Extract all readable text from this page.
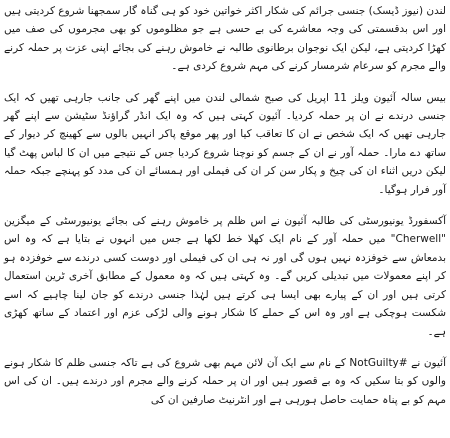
لندن (نیوز ڈیسک) جنسی جرائم کی شکار اکثر خواتین خود کو ہی گناہ گار سمجھنا شروع کردیتی ہیں اور اس بدقسمتی کی وجہ معاشرے کی بے حسی ہے جو مظلوموں کو بھی مجرموں کی صف میں کھڑا کردیتی ہے، لیکن ایک نوجوان برطانوی طالبہ نے خاموش رہنے کی بجائے اپنی عزت پر حملہ کرنے والے مجرم کو سرعام شرمسار کرنے کی مہم شروع کردی ہے۔

بیس سالہ آئیون ویلز 11 اپریل کی صبح شمالی لندن میں اپنے گھر کی جانب جارہی تھیں کہ ایک جنسی درندے نے ان پر حملہ کردیا۔ آئیون کہتی ہیں کہ وہ ایک انڈر گراؤنڈ سٹیشن سے اپنے گھر جارہی تھیں کہ ایک شخص نے ان کا تعاقب کیا اور پھر موقع پاکر انہیں بالوں سے کھینچ کر دیوار کے ساتھ دے مارا۔ حملہ آور نے ان کے جسم کو نوچنا شروع کردیا جس کے نتیجے میں ان کا لباس پھٹ گیا لیکن دریں اثناء ان کی چیخ و پکار سن کر ان کی فیملی اور ہمسائے ان کی مدد کو پہنچے جبکہ حملہ آور فرار ہوگیا۔

آکسفورڈ یونیورسٹی کی طالبہ آئیون نے اس ظلم پر خاموش رہنے کی بجائے یونیورسٹی کے میگزین "Cherwell" میں حملہ آور کے نام ایک کھلا خط لکھا ہے جس میں انہوں نے بتایا ہے کہ وہ اس بدمعاش سے خوفزدہ نہیں ہوں گی اور نہ ہی ان کی فیملی اور دوست کسی درندے سے خوفزدہ ہو کر اپنے معمولات میں تبدیلی کریں گے۔ وہ کہتی ہیں کہ وہ معمول کے مطابق آخری ٹرین استعمال کرتی ہیں اور ان کے پیارے بھی ایسا ہی کرتے ہیں لہٰذا جنسی درندے کو جان لینا چاہیے کہ اسے شکست ہوچکی ہے اور وہ اس کے حملے کا شکار ہونے والی لڑکی عزم اور اعتماد کے ساتھ کھڑی ہے۔

آئیون نے #NotGuilty کے نام سے ایک آن لائن مہم بھی شروع کی ہے تاکہ جنسی ظلم کا شکار ہونے والوں کو بتا سکیں کہ وہ بے قصور ہیں اور ان پر حملہ کرنے والے مجرم اور درندے ہیں۔ ان کی اس مہم کو بے پناہ حمایت حاصل ہورہی ہے اور انٹرنیٹ صارفین ان کی
